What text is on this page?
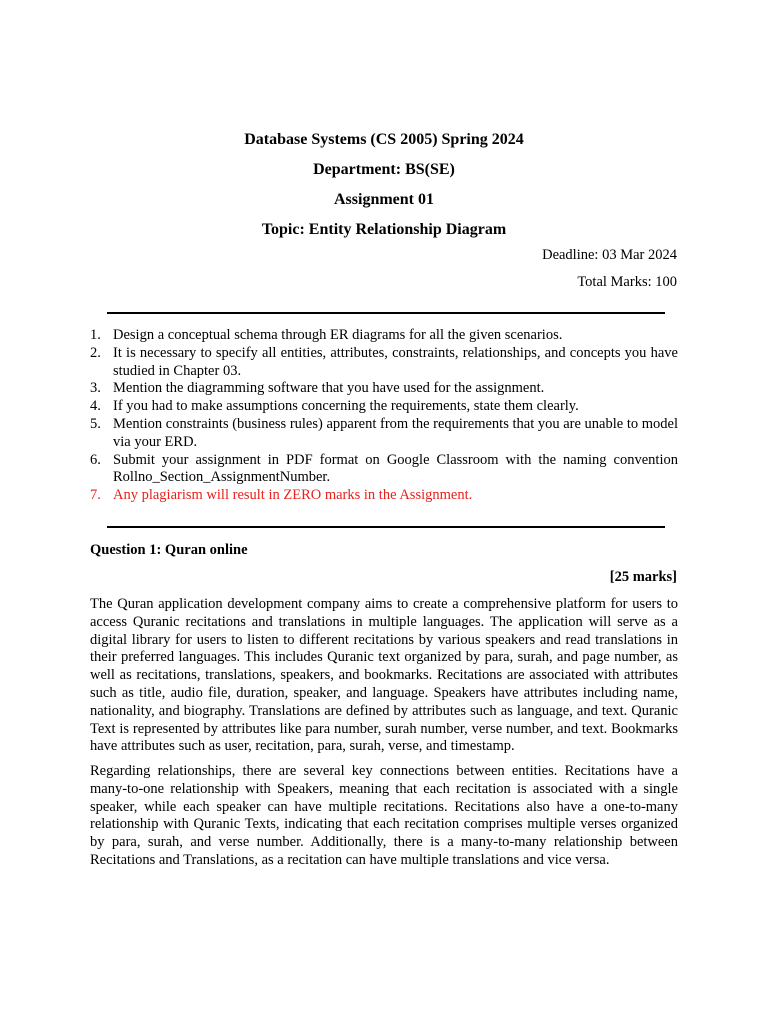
Database Systems (CS 2005) Spring 2024
Department: BS(SE)
Assignment 01
Topic: Entity Relationship Diagram
Deadline: 03 Mar 2024
Total Marks: 100
1. Design a conceptual schema through ER diagrams for all the given scenarios.
2. It is necessary to specify all entities, attributes, constraints, relationships, and concepts you have studied in Chapter 03.
3. Mention the diagramming software that you have used for the assignment.
4. If you had to make assumptions concerning the requirements, state them clearly.
5. Mention constraints (business rules) apparent from the requirements that you are unable to model via your ERD.
6. Submit your assignment in PDF format on Google Classroom with the naming convention Rollno_Section_AssignmentNumber.
7. Any plagiarism will result in ZERO marks in the Assignment.
Question 1: Quran online
[25 marks]

The Quran application development company aims to create a comprehensive platform for users to access Quranic recitations and translations in multiple languages. The application will serve as a digital library for users to listen to different recitations by various speakers and read translations in their preferred languages. This includes Quranic text organized by para, surah, and page number, as well as recitations, translations, speakers, and bookmarks. Recitations are associated with attributes such as title, audio file, duration, speaker, and language. Speakers have attributes including name, nationality, and biography. Translations are defined by attributes such as language, and text. Quranic Text is represented by attributes like para number, surah number, verse number, and text. Bookmarks have attributes such as user, recitation, para, surah, verse, and timestamp.

Regarding relationships, there are several key connections between entities. Recitations have a many-to-one relationship with Speakers, meaning that each recitation is associated with a single speaker, while each speaker can have multiple recitations. Recitations also have a one-to-many relationship with Quranic Texts, indicating that each recitation comprises multiple verses organized by para, surah, and verse number. Additionally, there is a many-to-many relationship between Recitations and Translations, as a recitation can have multiple translations and vice versa.
